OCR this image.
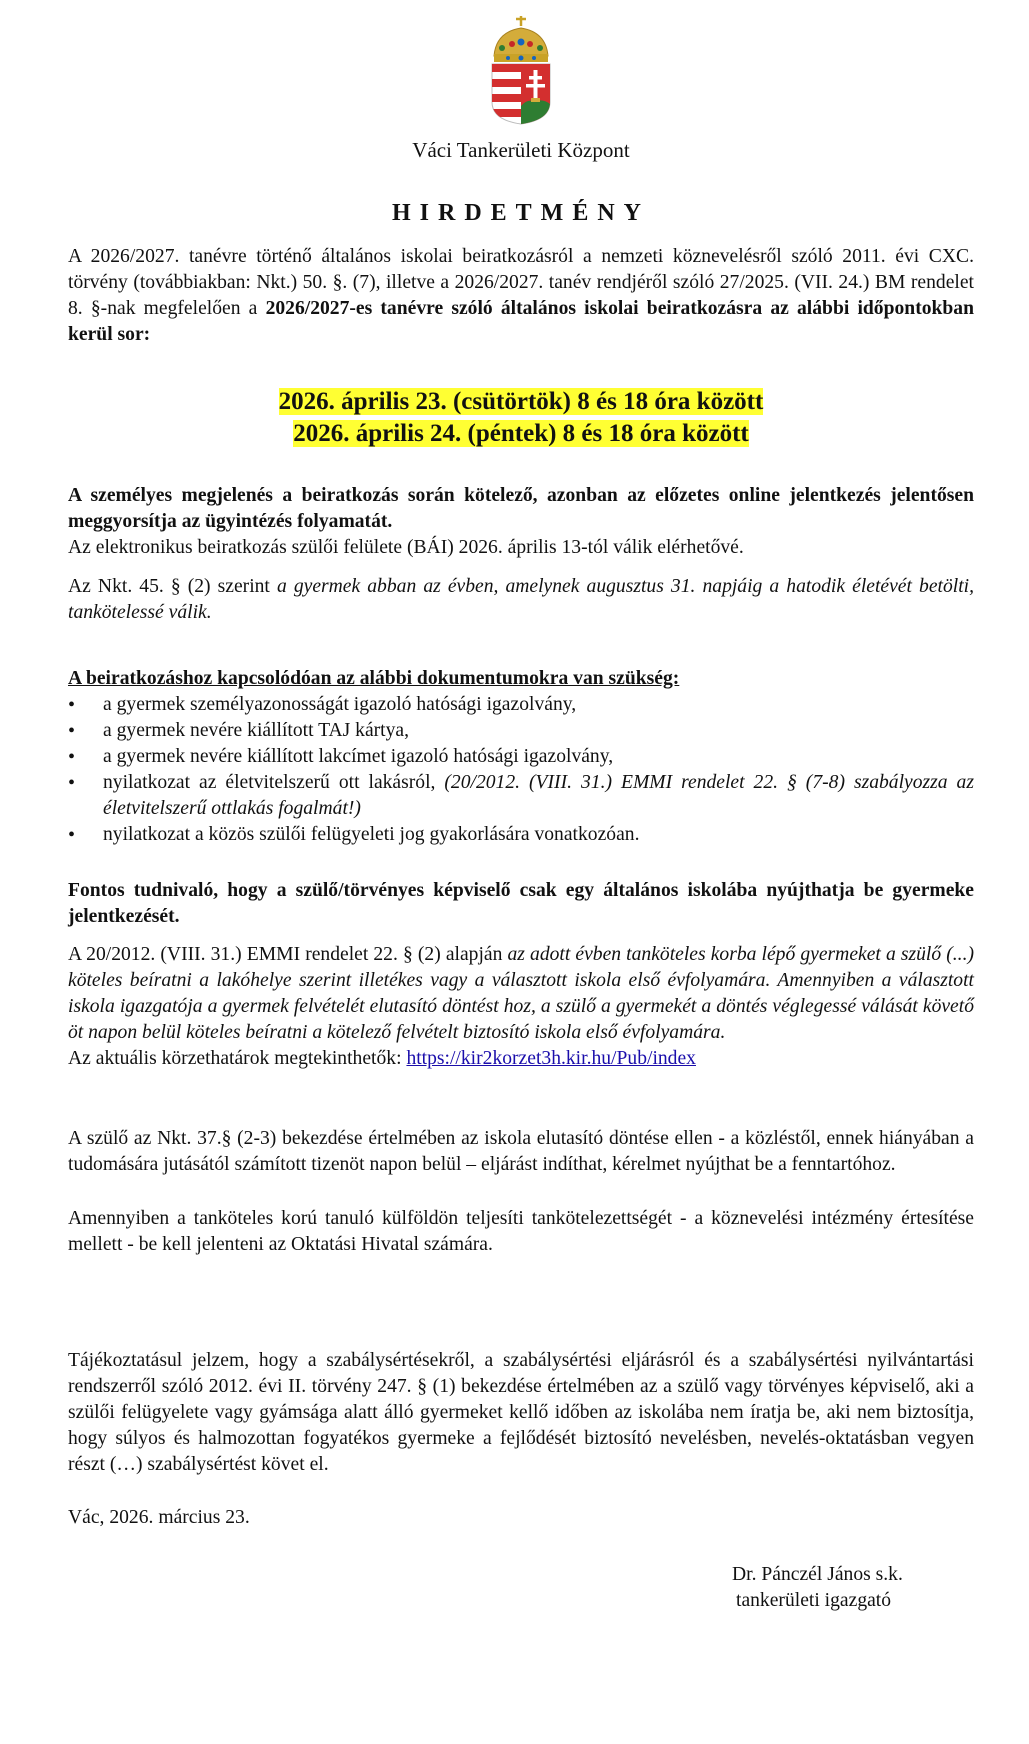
Váci Tankerületi Központ
HIRDETMÉNY

A 2026/2027. tanévre történő általános iskolai beiratkozásról a nemzeti köznevelésről szóló 2011. évi CXC. törvény (továbbiakban: Nkt.) 50. §. (7), illetve a 2026/2027. tanév rendjéről szóló 27/2025. (VII. 24.) BM rendelet 8. §-nak megfelelően a 2026/2027-es tanévre szóló általános iskolai beiratkozásra az alábbi időpontokban kerül sor:

2026. április 23. (csütörtök) 8 és 18 óra között
2026. április 24. (péntek) 8 és 18 óra között
A személyes megjelenés a beiratkozás során kötelező, azonban az előzetes online jelentkezés jelentősen meggyorsítja az ügyintézés folyamatát.
Az elektronikus beiratkozás szülői felülete (BÁI) 2026. április 13-tól válik elérhetővé.

Az Nkt. 45. § (2) szerint a gyermek abban az évben, amelynek augusztus 31. napjáig a hatodik életévét betölti, tankötelessé válik.

A beiratkozáshoz kapcsolódóan az alábbi dokumentumokra van szükség:
• a gyermek személyazonosságát igazoló hatósági igazolvány,
• a gyermek nevére kiállított TAJ kártya,
• a gyermek nevére kiállított lakcímet igazoló hatósági igazolvány,
• nyilatkozat az életvitelszerű ott lakásról, (20/2012. (VIII. 31.) EMMI rendelet 22. § (7-8) szabályozza az életvitelszerű ottlakás fogalmát!)
• nyilatkozat a közös szülői felügyeleti jog gyakorlására vonatkozóan.

Fontos tudnivaló, hogy a szülő/törvényes képviselő csak egy általános iskolába nyújthatja be gyermeke jelentkezését.

A 20/2012. (VIII. 31.) EMMI rendelet 22. § (2) alapján az adott évben tanköteles korba lépő gyermeket a szülő (...) köteles beíratni a lakóhelye szerint illetékes vagy a választott iskola első évfolyamára. Amennyiben a választott iskola igazgatója a gyermek felvételét elutasító döntést hoz, a szülő a gyermekét a döntés véglegessé válását követő öt napon belül köteles beíratni a kötelező felvételt biztosító iskola első évfolyamára.
Az aktuális körzethatárok megtekinthetők: https://kir2korzet3h.kir.hu/Pub/index

A szülő az Nkt. 37.§ (2-3) bekezdése értelmében az iskola elutasító döntése ellen - a közléstől, ennek hiányában a tudomására jutásától számított tizenöt napon belül – eljárást indíthat, kérelmet nyújthat be a fenntartóhoz.

Amennyiben a tanköteles korú tanuló külföldön teljesíti tankötelezettségét - a köznevelési intézmény értesítése mellett - be kell jelenteni az Oktatási Hivatal számára.

Tájékoztatásul jelzem, hogy a szabálysértésekről, a szabálysértési eljárásról és a szabálysértési nyilvántartási rendszerről szóló 2012. évi II. törvény 247. § (1) bekezdése értelmében az a szülő vagy törvényes képviselő, aki a szülői felügyelete vagy gyámsága alatt álló gyermeket kellő időben az iskolába nem íratja be, aki nem biztosítja, hogy súlyos és halmozottan fogyatékos gyermeke a fejlődését biztosító nevelésben, nevelés-oktatásban vegyen részt (…) szabálysértést követ el.

Vác, 2026. március 23.
Dr. Pánczél János s.k.
tankerületi igazgató
